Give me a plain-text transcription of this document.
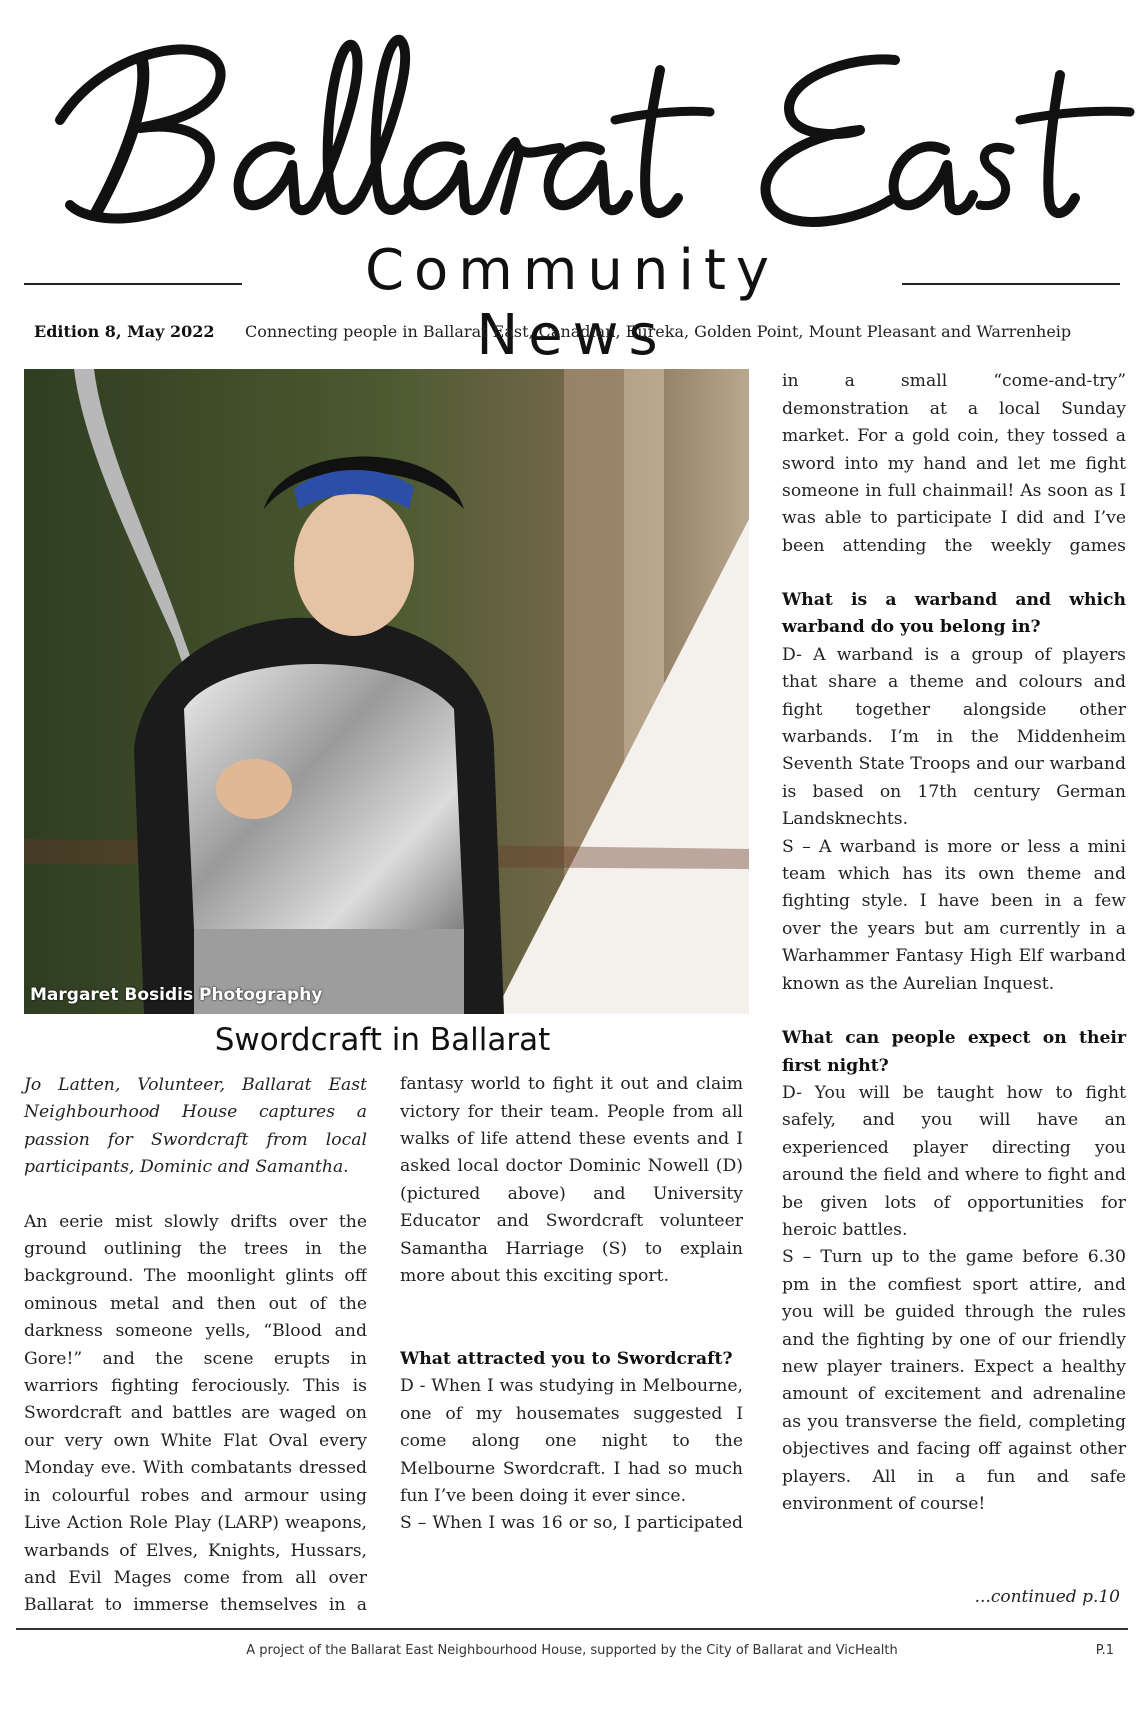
Community News
Edition 8, May 2022 Connecting people in Ballarat East, Canadian, Eureka, Golden Point, Mount Pleasant and Warrenheip
Margaret Bosidis Photography
Swordcraft in Ballarat

Jo Latten, Volunteer, Ballarat East Neighbourhood House captures a passion for Swordcraft from local participants, Dominic and Samantha.

An eerie mist slowly drifts over the ground outlining the trees in the background. The moonlight glints off ominous metal and then out of the darkness someone yells, “Blood and Gore!” and the scene erupts in warriors fighting ferociously. This is Swordcraft and battles are waged on our very own White Flat Oval every Monday eve. With combatants dressed in colourful robes and armour using Live Action Role Play (LARP) weapons, warbands of Elves, Knights, Hussars, and Evil Mages come from all over Ballarat to immerse themselves in a

fantasy world to fight it out and claim victory for their team. People from all walks of life attend these events and I asked local doctor Dominic Nowell (D) (pictured above) and University Educator and Swordcraft volunteer Samantha Harriage (S) to explain more about this exciting sport.

What attracted you to Swordcraft?

D - When I was studying in Melbourne, one of my housemates suggested I come along one night to the Melbourne Swordcraft. I had so much fun I’ve been doing it ever since.

S – When I was 16 or so, I participated

in a small “come-and-try” demonstration at a local Sunday market. For a gold coin, they tossed a sword into my hand and let me fight someone in full chainmail! As soon as I was able to participate I did and I’ve been attending the weekly games

What is a warband and which warband do you belong in?

D- A warband is a group of players that share a theme and colours and fight together alongside other warbands. I’m in the Middenheim Seventh State Troops and our warband is based on 17th century German Landsknechts.

S – A warband is more or less a mini team which has its own theme and fighting style. I have been in a few over the years but am currently in a Warhammer Fantasy High Elf warband known as the Aurelian Inquest.

What can people expect on their first night?

D- You will be taught how to fight safely, and you will have an experienced player directing you around the field and where to fight and be given lots of opportunities for heroic battles.

S – Turn up to the game before 6.30 pm in the comfiest sport attire, and you will be guided through the rules and the fighting by one of our friendly new player trainers. Expect a healthy amount of excitement and adrenaline as you transverse the field, completing objectives and facing off against other players. All in a fun and safe environment of course!

...continued p.10
A project of the Ballarat East Neighbourhood House, supported by the City of Ballarat and VicHealth	P.1
